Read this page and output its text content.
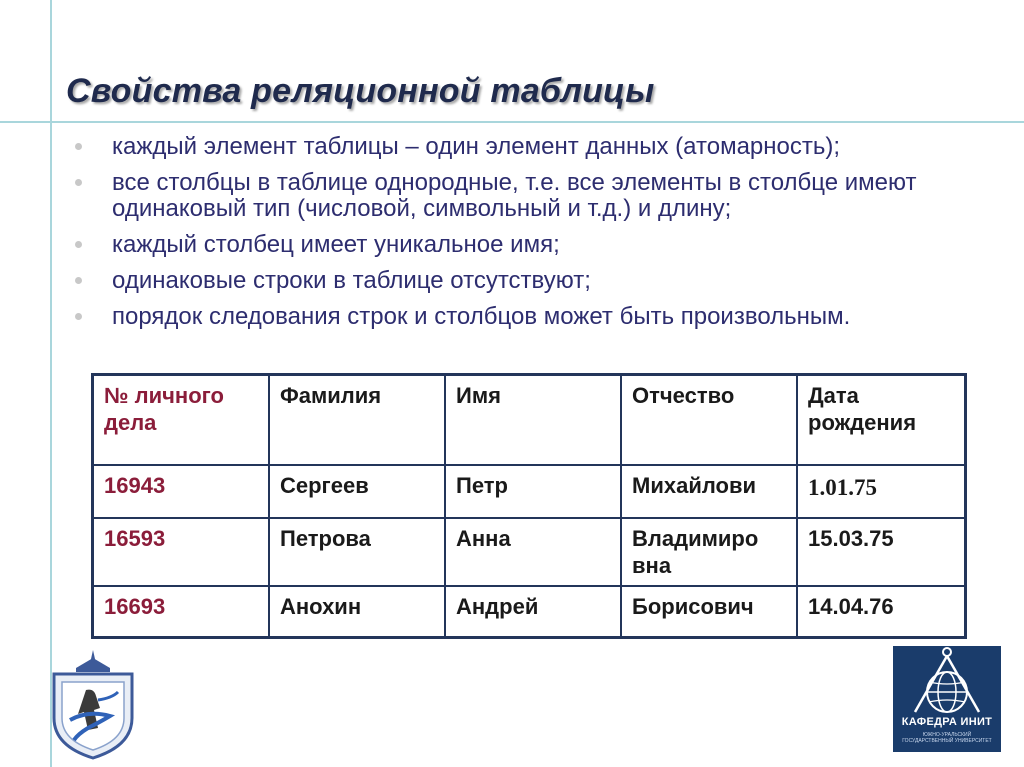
Свойства реляционной таблицы
каждый элемент таблицы – один элемент данных (атомарность);
все столбцы в таблице однородные, т.е. все элементы в столбце имеют одинаковый тип (числовой, символьный и т.д.) и длину;
каждый столбец имеет уникальное имя;
одинаковые строки в таблице отсутствуют;
порядок следования строк и столбцов может быть произвольным.
№ личного дела	Фамилия	Имя	Отчество	Дата рождения
16943	Сергеев	Петр	Михайлови	1.01.75
16593	Петрова	Анна	Владимиро вна	15.03.75
16693	Анохин	Андрей	Борисович	14.04.76
КАФЕДРА ИНИТ
ЮЖНО-УРАЛЬСКИЙ ГОСУДАРСТВЕННЫЙ УНИВЕРСИТЕТ
